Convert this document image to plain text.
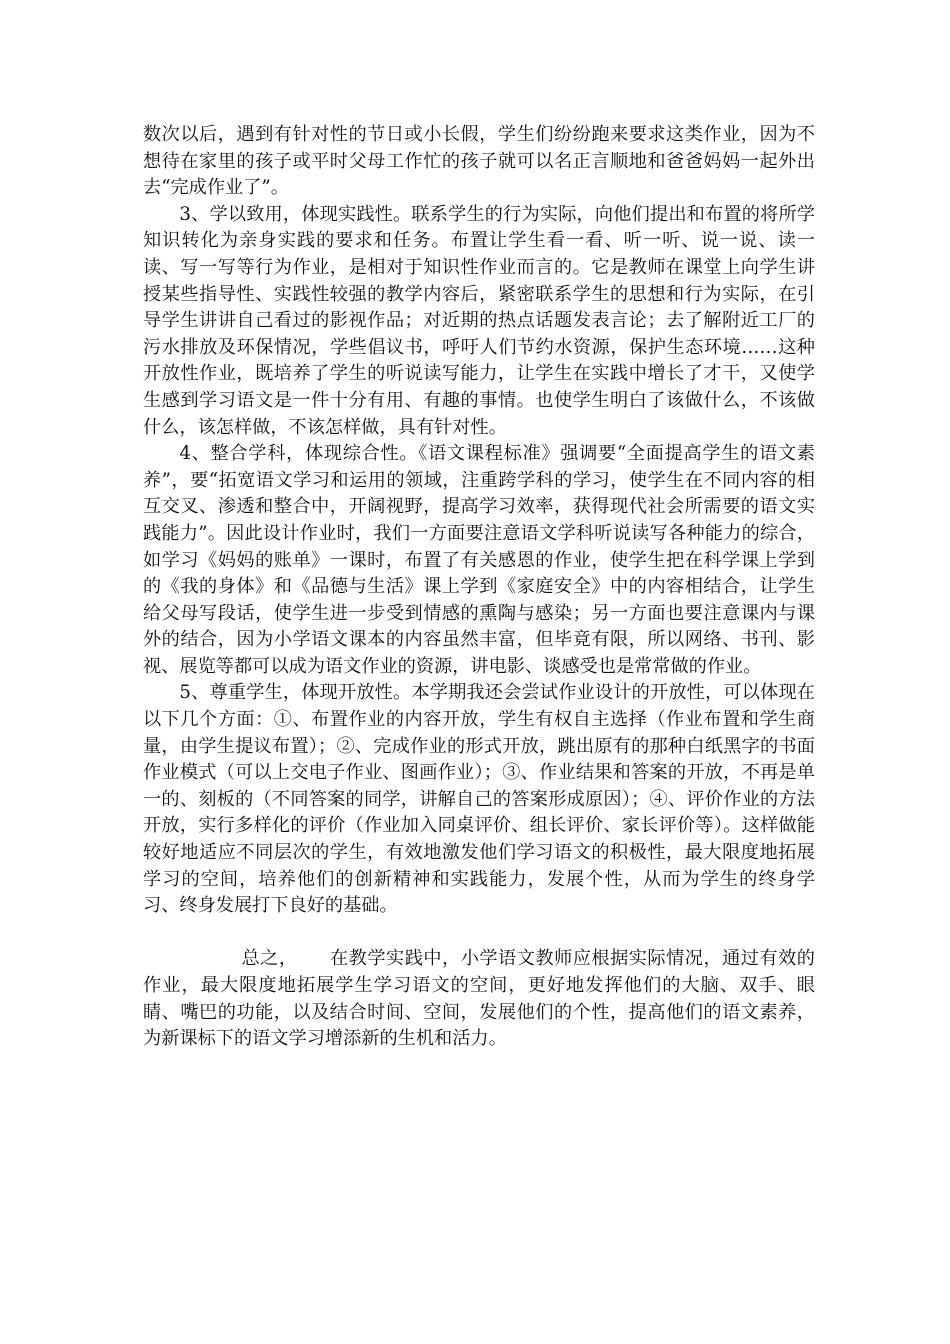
数次以后，遇到有针对性的节日或小长假，学生们纷纷跑来要求这类作业，因为不想待在家里的孩子或平时父母工作忙的孩子就可以名正言顺地和爸爸妈妈一起外出去“完成作业了”。

3、学以致用，体现实践性。联系学生的行为实际，向他们提出和布置的将所学知识转化为亲身实践的要求和任务。布置让学生看一看、听一听、说一说、读一读、写一写等行为作业，是相对于知识性作业而言的。它是教师在课堂上向学生讲授某些指导性、实践性较强的教学内容后，紧密联系学生的思想和行为实际，在引导学生讲讲自己看过的影视作品；对近期的热点话题发表言论；去了解附近工厂的污水排放及环保情况，学些倡议书，呼吁人们节约水资源，保护生态环境……这种开放性作业，既培养了学生的听说读写能力，让学生在实践中增长了才干，又使学生感到学习语文是一件十分有用、有趣的事情。也使学生明白了该做什么，不该做什么，该怎样做，不该怎样做，具有针对性。

4、整合学科，体现综合性。《语文课程标准》强调要“全面提高学生的语文素养”，要“拓宽语文学习和运用的领域，注重跨学科的学习，使学生在不同内容的相互交叉、渗透和整合中，开阔视野，提高学习效率，获得现代社会所需要的语文实践能力”。因此设计作业时，我们一方面要注意语文学科听说读写各种能力的综合，如学习《妈妈的账单》一课时，布置了有关感恩的作业，使学生把在科学课上学到的《我的身体》和《品德与生活》课上学到《家庭安全》中的内容相结合，让学生给父母写段话，使学生进一步受到情感的熏陶与感染；另一方面也要注意课内与课外的结合，因为小学语文课本的内容虽然丰富，但毕竟有限，所以网络、书刊、影视、展览等都可以成为语文作业的资源，讲电影、谈感受也是常常做的作业。

5、尊重学生，体现开放性。本学期我还会尝试作业设计的开放性，可以体现在以下几个方面：①、布置作业的内容开放，学生有权自主选择（作业布置和学生商量，由学生提议布置）；②、完成作业的形式开放，跳出原有的那种白纸黑字的书面作业模式（可以上交电子作业、图画作业）；③、作业结果和答案的开放，不再是单一的、刻板的（不同答案的同学，讲解自己的答案形成原因）；④、评价作业的方法开放，实行多样化的评价（作业加入同桌评价、组长评价、家长评价等）。这样做能较好地适应不同层次的学生，有效地激发他们学习语文的积极性，最大限度地拓展学习的空间，培养他们的创新精神和实践能力，发展个性，从而为学生的终身学习、终身发展打下良好的基础。

总之， 在教学实践中，小学语文教师应根据实际情况，通过有效的作业，最大限度地拓展学生学习语文的空间，更好地发挥他们的大脑、双手、眼睛、嘴巴的功能，以及结合时间、空间，发展他们的个性，提高他们的语文素养，为新课标下的语文学习增添新的生机和活力。
